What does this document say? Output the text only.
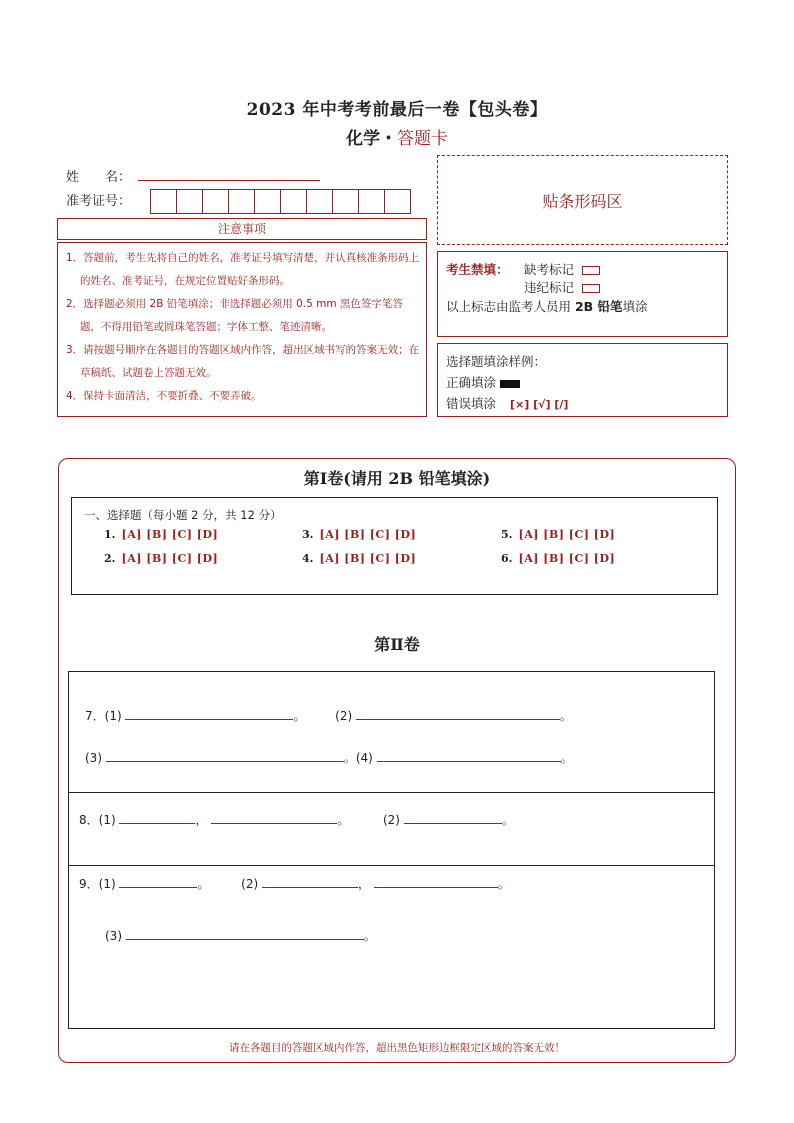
2023 年中考考前最后一卷【包头卷】
化学・答题卡
姓　　名：
准考证号：	贴条形码区
注意事项

1．答题前，考生先将自己的姓名，准考证号填写清楚，并认真核准条形码上的姓名、准考证号，在规定位置贴好条形码。

2．选择题必须用 2B 铅笔填涂；非选择题必须用 0.5 mm 黑色签字笔答题，不得用铅笔或圆珠笔答题；字体工整、笔迹清晰。

3．请按题号顺序在各题目的答题区域内作答，超出区域书写的答案无效；在草稿纸、试题卷上答题无效。

4．保持卡面清洁，不要折叠、不要弄破。

考生禁填： 缺考标记
违纪标记
以上标志由监考人员用 2B 铅笔填涂
选择题填涂样例：
正确填涂
错误填涂 [×] [√] [/]
第Ⅰ卷(请用 2B 铅笔填涂)
一、选择题（每小题 2 分，共 12 分）
1. [A] [B] [C] [D]
2. [A] [B] [C] [D]
3. [A] [B] [C] [D]
4. [A] [B] [C] [D]
5. [A] [B] [C] [D]
6. [A] [B] [C] [D]
第Ⅱ卷
7．(1)	。 (2)	。
(3)	。(4)	。
8．(1)	，	。	(2)	。
9．(1)	。	(2)	，	。
(3)	。
请在各题目的答题区域内作答，超出黑色矩形边框限定区域的答案无效！
